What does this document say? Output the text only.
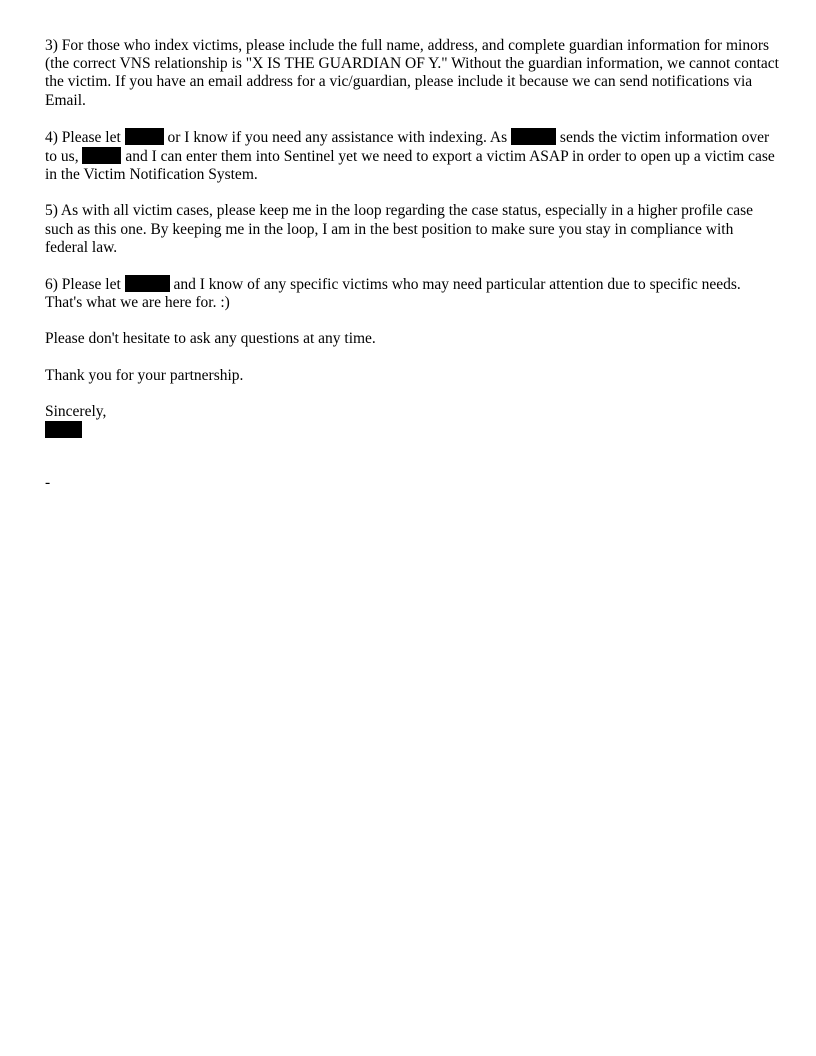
3) For those who index victims, please include the full name, address, and complete guardian information for minors (the correct VNS relationship is "X IS THE GUARDIAN OF Y." Without the guardian information, we cannot contact the victim. If you have an email address for a vic/guardian, please include it because we can send notifications via Email.

4) Please let	or I know if you need any assistance with indexing. As	sends the victim information over to us,	and I can enter them into Sentinel yet we need to export a victim ASAP in order to open up a victim case in the Victim Notification System.

5) As with all victim cases, please keep me in the loop regarding the case status, especially in a higher profile case such as this one. By keeping me in the loop, I am in the best position to make sure you stay in compliance with federal law.

6) Please let	and I know of any specific victims who may need particular attention due to specific needs. That's what we are here for. :)

Please don't hesitate to ask any questions at any time.

Thank you for your partnership.

Sincerely,
-
